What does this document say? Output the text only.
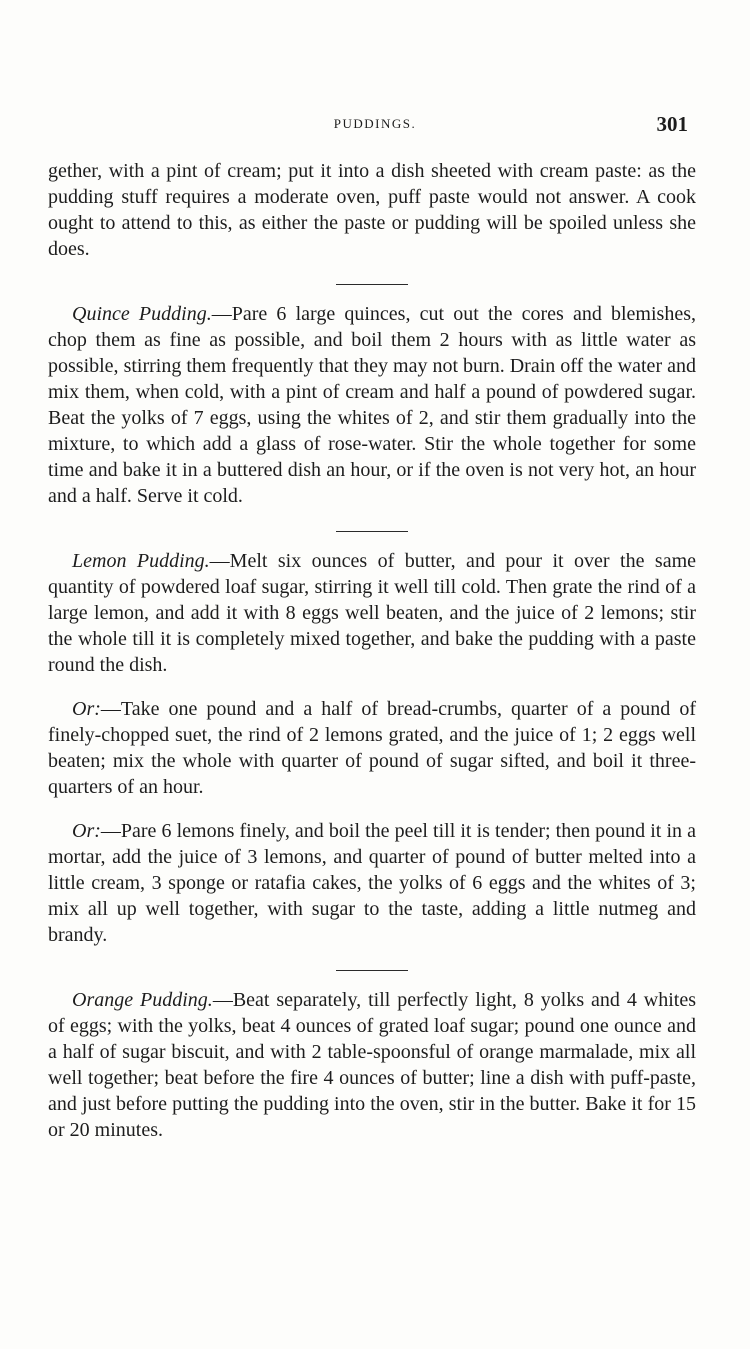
PUDDINGS.	301

gether, with a pint of cream; put it into a dish sheeted with cream paste: as the pudding stuff requires a moderate oven, puff paste would not answer. A cook ought to attend to this, as either the paste or pudding will be spoiled unless she does.

Quince Pudding.—Pare 6 large quinces, cut out the cores and blemishes, chop them as fine as possible, and boil them 2 hours with as little water as possible, stirring them frequently that they may not burn. Drain off the water and mix them, when cold, with a pint of cream and half a pound of powdered sugar. Beat the yolks of 7 eggs, using the whites of 2, and stir them gradually into the mixture, to which add a glass of rose-water. Stir the whole together for some time and bake it in a buttered dish an hour, or if the oven is not very hot, an hour and a half. Serve it cold.

Lemon Pudding.—Melt six ounces of butter, and pour it over the same quantity of powdered loaf sugar, stirring it well till cold. Then grate the rind of a large lemon, and add it with 8 eggs well beaten, and the juice of 2 lemons; stir the whole till it is completely mixed together, and bake the pudding with a paste round the dish.

Or:—Take one pound and a half of bread-crumbs, quarter of a pound of finely-chopped suet, the rind of 2 lemons grated, and the juice of 1; 2 eggs well beaten; mix the whole with quarter of pound of sugar sifted, and boil it three-quarters of an hour.

Or:—Pare 6 lemons finely, and boil the peel till it is tender; then pound it in a mortar, add the juice of 3 lemons, and quarter of pound of butter melted into a little cream, 3 sponge or ratafia cakes, the yolks of 6 eggs and the whites of 3; mix all up well together, with sugar to the taste, adding a little nutmeg and brandy.

Orange Pudding.—Beat separately, till perfectly light, 8 yolks and 4 whites of eggs; with the yolks, beat 4 ounces of grated loaf sugar; pound one ounce and a half of sugar biscuit, and with 2 table-spoonsful of orange marmalade, mix all well together; beat before the fire 4 ounces of butter; line a dish with puff-paste, and just before putting the pudding into the oven, stir in the butter. Bake it for 15 or 20 minutes.
